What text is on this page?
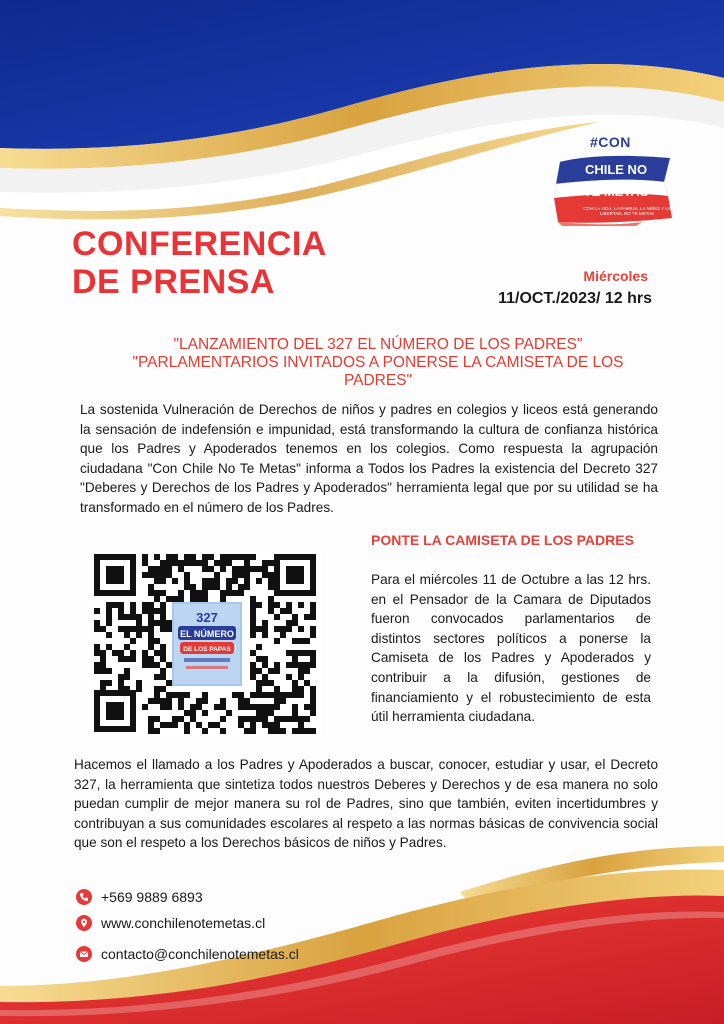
#CON
CHILE NO
TE METAS
CON LA VIDA, LA FAMILIA, LA NIÑEZ Y LA LIBERTAD, NO TE METAS
CONFERENCIA
DE PRENSA	Miércoles
11/OCT./2023/ 12 hrs
"LANZAMIENTO DEL 327 EL NÚMERO DE LOS PADRES"
"PARLAMENTARIOS INVITADOS A PONERSE LA CAMISETA DE LOS
PADRES"

La sostenida Vulneración de Derechos de niños y padres en colegios y liceos está generando la sensación de indefensión e impunidad, está transformando la cultura de confianza histórica que los Padres y Apoderados tenemos en los colegios. Como respuesta la agrupación ciudadana "Con Chile No Te Metas" informa a Todos los Padres la existencia del Decreto 327 "Deberes y Derechos de los Padres y Apoderados" herramienta legal que por su utilidad se ha transformado en el número de los Padres.

327
EL NÚMERO
DE LOS PAPAS
PONTE LA CAMISETA DE LOS PADRES

Para el miércoles 11 de Octubre a las 12 hrs. en el Pensador de la Camara de Diputados fueron convocados parlamentarios de distintos sectores políticos a ponerse la Camiseta de los Padres y Apoderados y contribuir a la difusión, gestiones de financiamiento y el robustecimiento de esta útil herramienta ciudadana.

Hacemos el llamado a los Padres y Apoderados a buscar, conocer, estudiar y usar, el Decreto 327, la herramienta que sintetiza todos nuestros Deberes y Derechos y de esa manera no solo puedan cumplir de mejor manera su rol de Padres, sino que también, eviten incertidumbres y contribuyan a sus comunidades escolares al respeto a las normas básicas de convivencia social que son el respeto a los Derechos básicos de niños y Padres.

+569 9889 6893
www.conchilenotemetas.cl
contacto@conchilenotemetas.cl
